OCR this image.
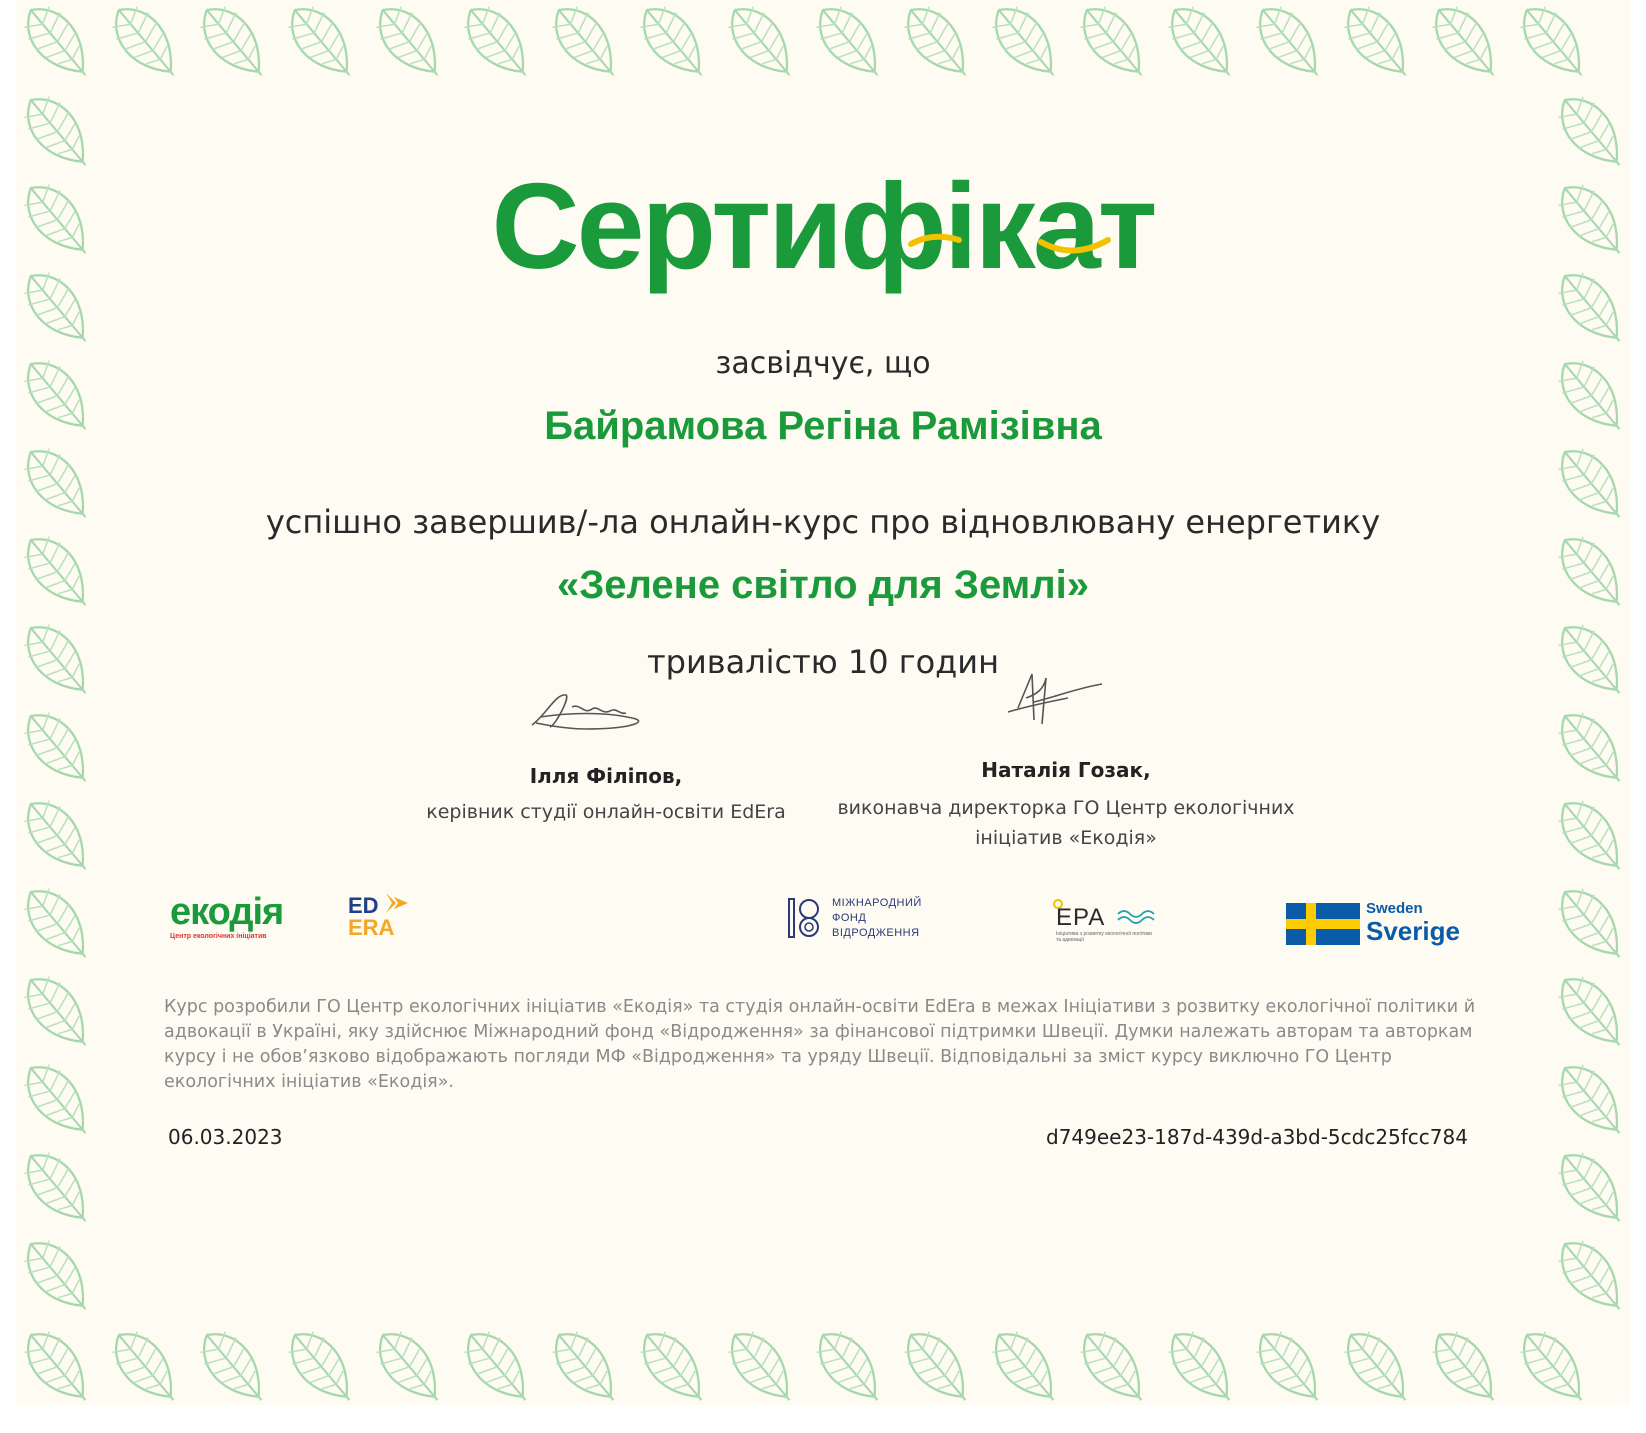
Сертифікат
засвідчує, що
Байрамова Регіна Рамізівна
успішно завершив/-ла онлайн-курс про відновлювану енергетику
«Зелене світло для Землі»
тривалістю 10 годин
Ілля Філіпов,
керівник студії онлайн-освіти EdEra
Наталія Гозак,
виконавча директорка ГО Центр екологічних
ініціатив «Екодія»
екодія
Центр екологічних ініціатив
ED
ERA
МІЖНАРОДНИЙ
ФОНД
ВІДРОДЖЕННЯ
EPA
Ініціатива з розвитку екологічної політики та адвокації
Sweden
Sverige
Курс розробили ГО Центр екологічних ініціатив «Екодія» та студія онлайн-освіти EdEra в межах Ініціативи з розвитку екологічної політики й адвокації в Україні, яку здійснює Міжнародний фонд «Відродження» за фінансової підтримки Швеції. Думки належать авторам та авторкам курсу і не обов’язково відображають погляди МФ «Відродження» та уряду Швеції. Відповідальні за зміст курсу виключно ГО Центр екологічних ініціатив «Екодія».
06.03.2023	d749ee23-187d-439d-a3bd-5cdc25fcc784
